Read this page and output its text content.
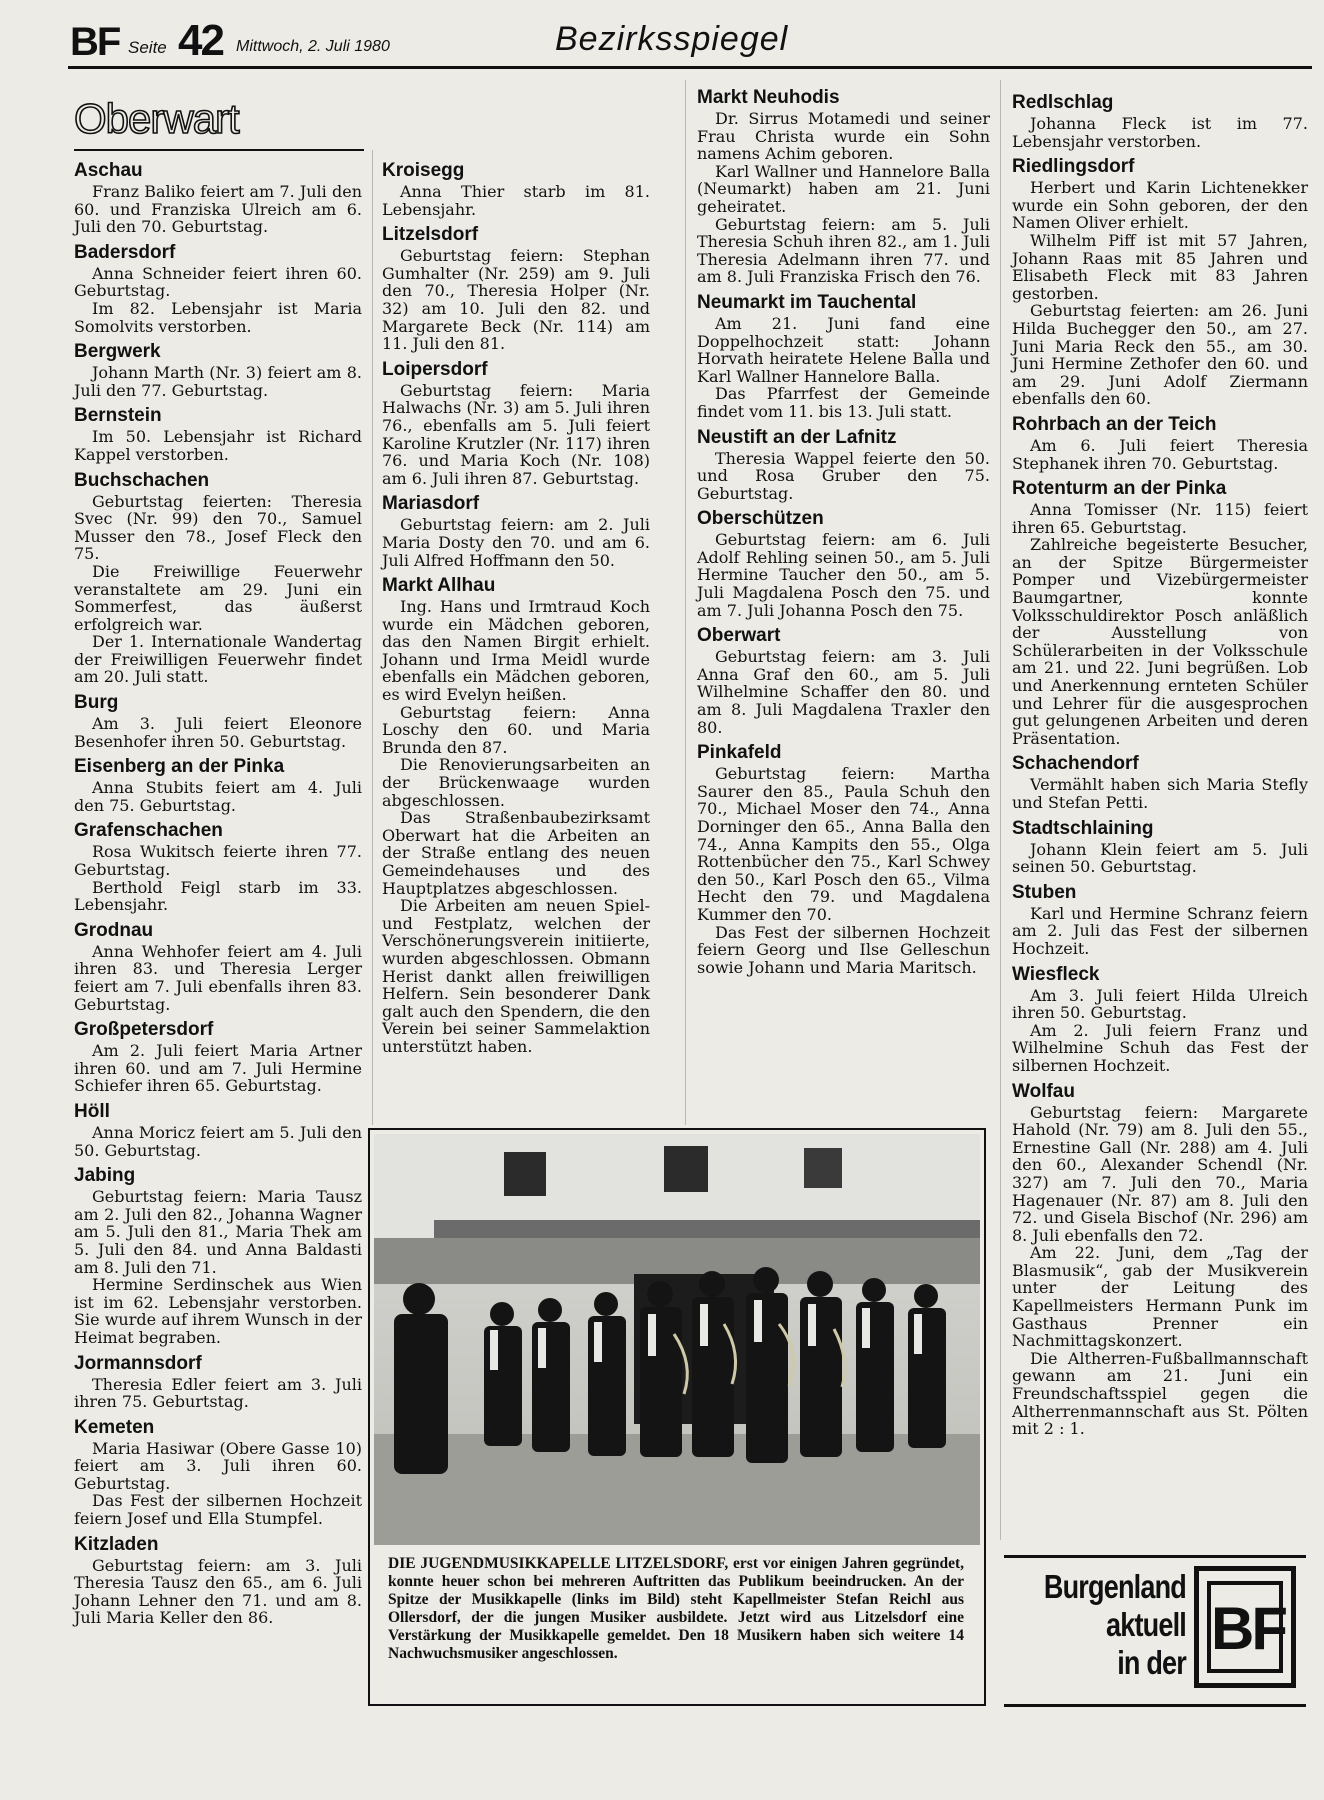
BF Seite 42 Mittwoch, 2. Juli 1980	Bezirksspiegel
Oberwart
Aschau

Franz Baliko feiert am 7. Juli den 60. und Franziska Ulreich am 6. Juli den 70. Geburtstag.

Badersdorf

Anna Schneider feiert ihren 60. Geburtstag.

Im 82. Lebensjahr ist Maria Somolvits verstorben.

Bergwerk

Johann Marth (Nr. 3) feiert am 8. Juli den 77. Geburtstag.

Bernstein

Im 50. Lebensjahr ist Richard Kappel verstorben.

Buchschachen

Geburtstag feierten: Theresia Svec (Nr. 99) den 70., Samuel Musser den 78., Josef Fleck den 75.

Die Freiwillige Feuerwehr veranstaltete am 29. Juni ein Sommerfest, das äußerst erfolgreich war.

Der 1. Internationale Wandertag der Freiwilligen Feuerwehr findet am 20. Juli statt.

Burg

Am 3. Juli feiert Eleonore Besenhofer ihren 50. Geburtstag.

Eisenberg an der Pinka

Anna Stubits feiert am 4. Juli den 75. Geburtstag.

Grafenschachen

Rosa Wukitsch feierte ihren 77. Geburtstag.

Berthold Feigl starb im 33. Lebensjahr.

Grodnau

Anna Wehhofer feiert am 4. Juli ihren 83. und Theresia Lerger feiert am 7. Juli ebenfalls ihren 83. Geburtstag.

Großpetersdorf

Am 2. Juli feiert Maria Artner ihren 60. und am 7. Juli Hermine Schiefer ihren 65. Geburtstag.

Höll

Anna Moricz feiert am 5. Juli den 50. Geburtstag.

Jabing

Geburtstag feiern: Maria Tausz am 2. Juli den 82., Johanna Wagner am 5. Juli den 81., Maria Thek am 5. Juli den 84. und Anna Baldasti am 8. Juli den 71.

Hermine Serdinschek aus Wien ist im 62. Lebensjahr verstorben. Sie wurde auf ihrem Wunsch in der Heimat begraben.

Jormannsdorf

Theresia Edler feiert am 3. Juli ihren 75. Geburtstag.

Kemeten

Maria Hasiwar (Obere Gasse 10) feiert am 3. Juli ihren 60. Geburtstag.

Das Fest der silbernen Hochzeit feiern Josef und Ella Stumpfel.

Kitzladen

Geburtstag feiern: am 3. Juli Theresia Tausz den 65., am 6. Juli Johann Lehner den 71. und am 8. Juli Maria Keller den 86.

Kroisegg

Anna Thier starb im 81. Lebensjahr.

Litzelsdorf

Geburtstag feiern: Stephan Gumhalter (Nr. 259) am 9. Juli den 70., Theresia Holper (Nr. 32) am 10. Juli den 82. und Margarete Beck (Nr. 114) am 11. Juli den 81.

Loipersdorf

Geburtstag feiern: Maria Halwachs (Nr. 3) am 5. Juli ihren 76., ebenfalls am 5. Juli feiert Karoline Krutzler (Nr. 117) ihren 76. und Maria Koch (Nr. 108) am 6. Juli ihren 87. Geburtstag.

Mariasdorf

Geburtstag feiern: am 2. Juli Maria Dosty den 70. und am 6. Juli Alfred Hoffmann den 50.

Markt Allhau

Ing. Hans und Irmtraud Koch wurde ein Mädchen geboren, das den Namen Birgit erhielt. Johann und Irma Meidl wurde ebenfalls ein Mädchen geboren, es wird Evelyn heißen.

Geburtstag feiern: Anna Loschy den 60. und Maria Brunda den 87.

Die Renovierungsarbeiten an der Brückenwaage wurden abgeschlossen.

Das Straßenbaubezirksamt Oberwart hat die Arbeiten an der Straße entlang des neuen Gemeindehauses und des Hauptplatzes abgeschlossen.

Die Arbeiten am neuen Spiel- und Festplatz, welchen der Verschönerungsverein initiierte, wurden abgeschlossen. Obmann Herist dankt allen freiwilligen Helfern. Sein besonderer Dank galt auch den Spendern, die den Verein bei seiner Sammelaktion unterstützt haben.

Markt Neuhodis

Dr. Sirrus Motamedi und seiner Frau Christa wurde ein Sohn namens Achim geboren.

Karl Wallner und Hannelore Balla (Neumarkt) haben am 21. Juni geheiratet.

Geburtstag feiern: am 5. Juli Theresia Schuh ihren 82., am 1. Juli Theresia Adelmann ihren 77. und am 8. Juli Franziska Frisch den 76.

Neumarkt im Tauchental

Am 21. Juni fand eine Doppelhochzeit statt: Johann Horvath heiratete Helene Balla und Karl Wallner Hannelore Balla.

Das Pfarrfest der Gemeinde findet vom 11. bis 13. Juli statt.

Neustift an der Lafnitz

Theresia Wappel feierte den 50. und Rosa Gruber den 75. Geburtstag.

Oberschützen

Geburtstag feiern: am 6. Juli Adolf Rehling seinen 50., am 5. Juli Hermine Taucher den 50., am 5. Juli Magdalena Posch den 75. und am 7. Juli Johanna Posch den 75.

Oberwart

Geburtstag feiern: am 3. Juli Anna Graf den 60., am 5. Juli Wilhelmine Schaffer den 80. und am 8. Juli Magdalena Traxler den 80.

Pinkafeld

Geburtstag feiern: Martha Saurer den 85., Paula Schuh den 70., Michael Moser den 74., Anna Dorninger den 65., Anna Balla den 74., Anna Kampits den 55., Olga Rottenbücher den 75., Karl Schwey den 50., Karl Posch den 65., Vilma Hecht den 79. und Magdalena Kummer den 70.

Das Fest der silbernen Hochzeit feiern Georg und Ilse Gelleschun sowie Johann und Maria Maritsch.

Redlschlag

Johanna Fleck ist im 77. Lebensjahr verstorben.

Riedlingsdorf

Herbert und Karin Lichtenekker wurde ein Sohn geboren, der den Namen Oliver erhielt.

Wilhelm Piff ist mit 57 Jahren, Johann Raas mit 85 Jahren und Elisabeth Fleck mit 83 Jahren gestorben.

Geburtstag feierten: am 26. Juni Hilda Buchegger den 50., am 27. Juni Maria Reck den 55., am 30. Juni Hermine Zethofer den 60. und am 29. Juni Adolf Ziermann ebenfalls den 60.

Rohrbach an der Teich

Am 6. Juli feiert Theresia Stephanek ihren 70. Geburtstag.

Rotenturm an der Pinka

Anna Tomisser (Nr. 115) feiert ihren 65. Geburtstag.

Zahlreiche begeisterte Besucher, an der Spitze Bürgermeister Pomper und Vizebürgermeister Baumgartner, konnte Volksschuldirektor Posch anläßlich der Ausstellung von Schülerarbeiten in der Volksschule am 21. und 22. Juni begrüßen. Lob und Anerkennung ernteten Schüler und Lehrer für die ausgesprochen gut gelungenen Arbeiten und deren Präsentation.

Schachendorf

Vermählt haben sich Maria Stefly und Stefan Petti.

Stadtschlaining

Johann Klein feiert am 5. Juli seinen 50. Geburtstag.

Stuben

Karl und Hermine Schranz feiern am 2. Juli das Fest der silbernen Hochzeit.

Wiesfleck

Am 3. Juli feiert Hilda Ulreich ihren 50. Geburtstag.

Am 2. Juli feiern Franz und Wilhelmine Schuh das Fest der silbernen Hochzeit.

Wolfau

Geburtstag feiern: Margarete Hahold (Nr. 79) am 8. Juli den 55., Ernestine Gall (Nr. 288) am 4. Juli den 60., Alexander Schendl (Nr. 327) am 7. Juli den 70., Maria Hagenauer (Nr. 87) am 8. Juli den 72. und Gisela Bischof (Nr. 296) am 8. Juli ebenfalls den 72.

Am 22. Juni, dem „Tag der Blasmusik“, gab der Musikverein unter der Leitung des Kapellmeisters Hermann Punk im Gasthaus Prenner ein Nachmittagskonzert.

Die Altherren-Fußballmannschaft gewann am 21. Juni ein Freundschaftsspiel gegen die Altherrenmannschaft aus St. Pölten mit 2 : 1.

DIE JUGENDMUSIKKAPELLE LITZELSDORF, erst vor einigen Jahren gegründet, konnte heuer schon bei mehreren Auftritten das Publikum beeindrucken. An der Spitze der Musikkapelle (links im Bild) steht Kapellmeister Stefan Reichl aus Ollersdorf, der die jungen Musiker ausbildete. Jetzt wird aus Litzelsdorf eine Verstärkung der Musikkapelle gemeldet. Den 18 Musikern haben sich weitere 14 Nachwuchsmusiker angeschlossen.
Burgenland
aktuell
in der
BF
